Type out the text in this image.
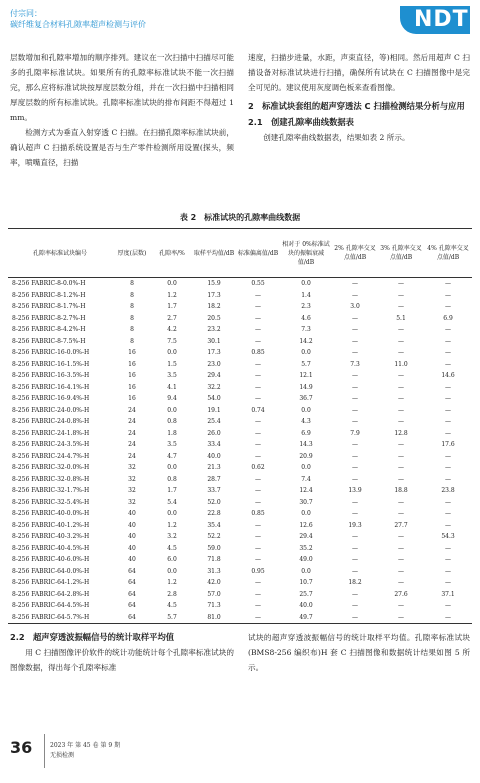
付宗同：
碳纤维复合材料孔隙率超声检测与评价	NDT

层数增加和孔隙率增加的顺序排列。建议在一次扫描中扫描尽可能多的孔隙率标准试块。如果所有的孔隙率标准试块不能一次扫描完，那么应将标准试块按厚度层数分组，并在一次扫描中扫描相同厚度层数的所有标准试块。孔隙率标准试块的排布间距不得超过 1 mm。

检测方式为垂直入射穿透 C 扫描。在扫描孔隙率标准试块前，确认超声 C 扫描系统设置是否与生产零件检测所用设置(探头，频率，喷嘴直径，扫描

速度，扫描步进量，水距，声束直径，等)相同。然后用超声 C 扫描设备对标准试块进行扫描，确保所有试块在 C 扫描图像中是完全可见的。建议使用灰度调色板来查看图像。

2　标准试块套组的超声穿透法 C 扫描检测结果分析与应用

2.1　创建孔隙率曲线数据表

创建孔隙率曲线数据表，结果如表 2 所示。

表 2　标准试块的孔隙率曲线数据
孔隙率标准试块编号	厚度(层数)	孔隙率/%	取样平均值/dB	标准偏离值/dB	相对于 0%标准试块的振幅衰减值/dB	2% 孔隙率交叉点值/dB	3% 孔隙率交叉点值/dB	4% 孔隙率交叉点值/dB
8-256 FABRIC-8-0.0%-H	8	0.0	15.9	0.55	0.0	—	—	—
8-256 FABRIC-8-1.2%-H	8	1.2	17.3	—	1.4	—	—	—
8-256 FABRIC-8-1.7%-H	8	1.7	18.2	—	2.3	3.0	—	—
8-256 FABRIC-8-2.7%-H	8	2.7	20.5	—	4.6	—	5.1	6.9
8-256 FABRIC-8-4.2%-H	8	4.2	23.2	—	7.3	—	—	—
8-256 FABRIC-8-7.5%-H	8	7.5	30.1	—	14.2	—	—	—
8-256 FABRIC-16-0.0%-H	16	0.0	17.3	0.85	0.0	—	—	—
8-256 FABRIC-16-1.5%-H	16	1.5	23.0	—	5.7	7.3	11.0	—
8-256 FABRIC-16-3.5%-H	16	3.5	29.4	—	12.1	—	—	14.6
8-256 FABRIC-16-4.1%-H	16	4.1	32.2	—	14.9	—	—	—
8-256 FABRIC-16-9.4%-H	16	9.4	54.0	—	36.7	—	—	—
8-256 FABRIC-24-0.0%-H	24	0.0	19.1	0.74	0.0	—	—	—
8-256 FABRIC-24-0.8%-H	24	0.8	25.4	—	4.3	—	—	—
8-256 FABRIC-24-1.8%-H	24	1.8	26.0	—	6.9	7.9	12.8	—
8-256 FABRIC-24-3.5%-H	24	3.5	33.4	—	14.3	—	—	17.6
8-256 FABRIC-24-4.7%-H	24	4.7	40.0	—	20.9	—	—	—
8-256 FABRIC-32-0.0%-H	32	0.0	21.3	0.62	0.0	—	—	—
8-256 FABRIC-32-0.8%-H	32	0.8	28.7	—	7.4	—	—	—
8-256 FABRIC-32-1.7%-H	32	1.7	33.7	—	12.4	13.9	18.8	23.8
8-256 FABRIC-32-5.4%-H	32	5.4	52.0	—	30.7	—	—	—
8-256 FABRIC-40-0.0%-H	40	0.0	22.8	0.85	0.0	—	—	—
8-256 FABRIC-40-1.2%-H	40	1.2	35.4	—	12.6	19.3	27.7	—
8-256 FABRIC-40-3.2%-H	40	3.2	52.2	—	29.4	—	—	54.3
8-256 FABRIC-40-4.5%-H	40	4.5	59.0	—	35.2	—	—	—
8-256 FABRIC-40-6.0%-H	40	6.0	71.8	—	49.0	—	—	—
8-256 FABRIC-64-0.0%-H	64	0.0	31.3	0.95	0.0	—	—	—
8-256 FABRIC-64-1.2%-H	64	1.2	42.0	—	10.7	18.2	—	—
8-256 FABRIC-64-2.8%-H	64	2.8	57.0	—	25.7	—	27.6	37.1
8-256 FABRIC-64-4.5%-H	64	4.5	71.3	—	40.0	—	—	—
8-256 FABRIC-64-5.7%-H	64	5.7	81.0	—	49.7	—	—	—

2.2　超声穿透波振幅信号的统计取样平均值

用 C 扫描图像评价软件的统计功能统计每个孔隙率标准试块的图像数据，得出每个孔隙率标准

试块的超声穿透波振幅信号的统计取样平均值。孔隙率标准试块(BMS8-256 编织布)H 套 C 扫描图像和数据统计结果如图 5 所示。

36	2023 年 第 45 卷 第 9 期
无损检测
